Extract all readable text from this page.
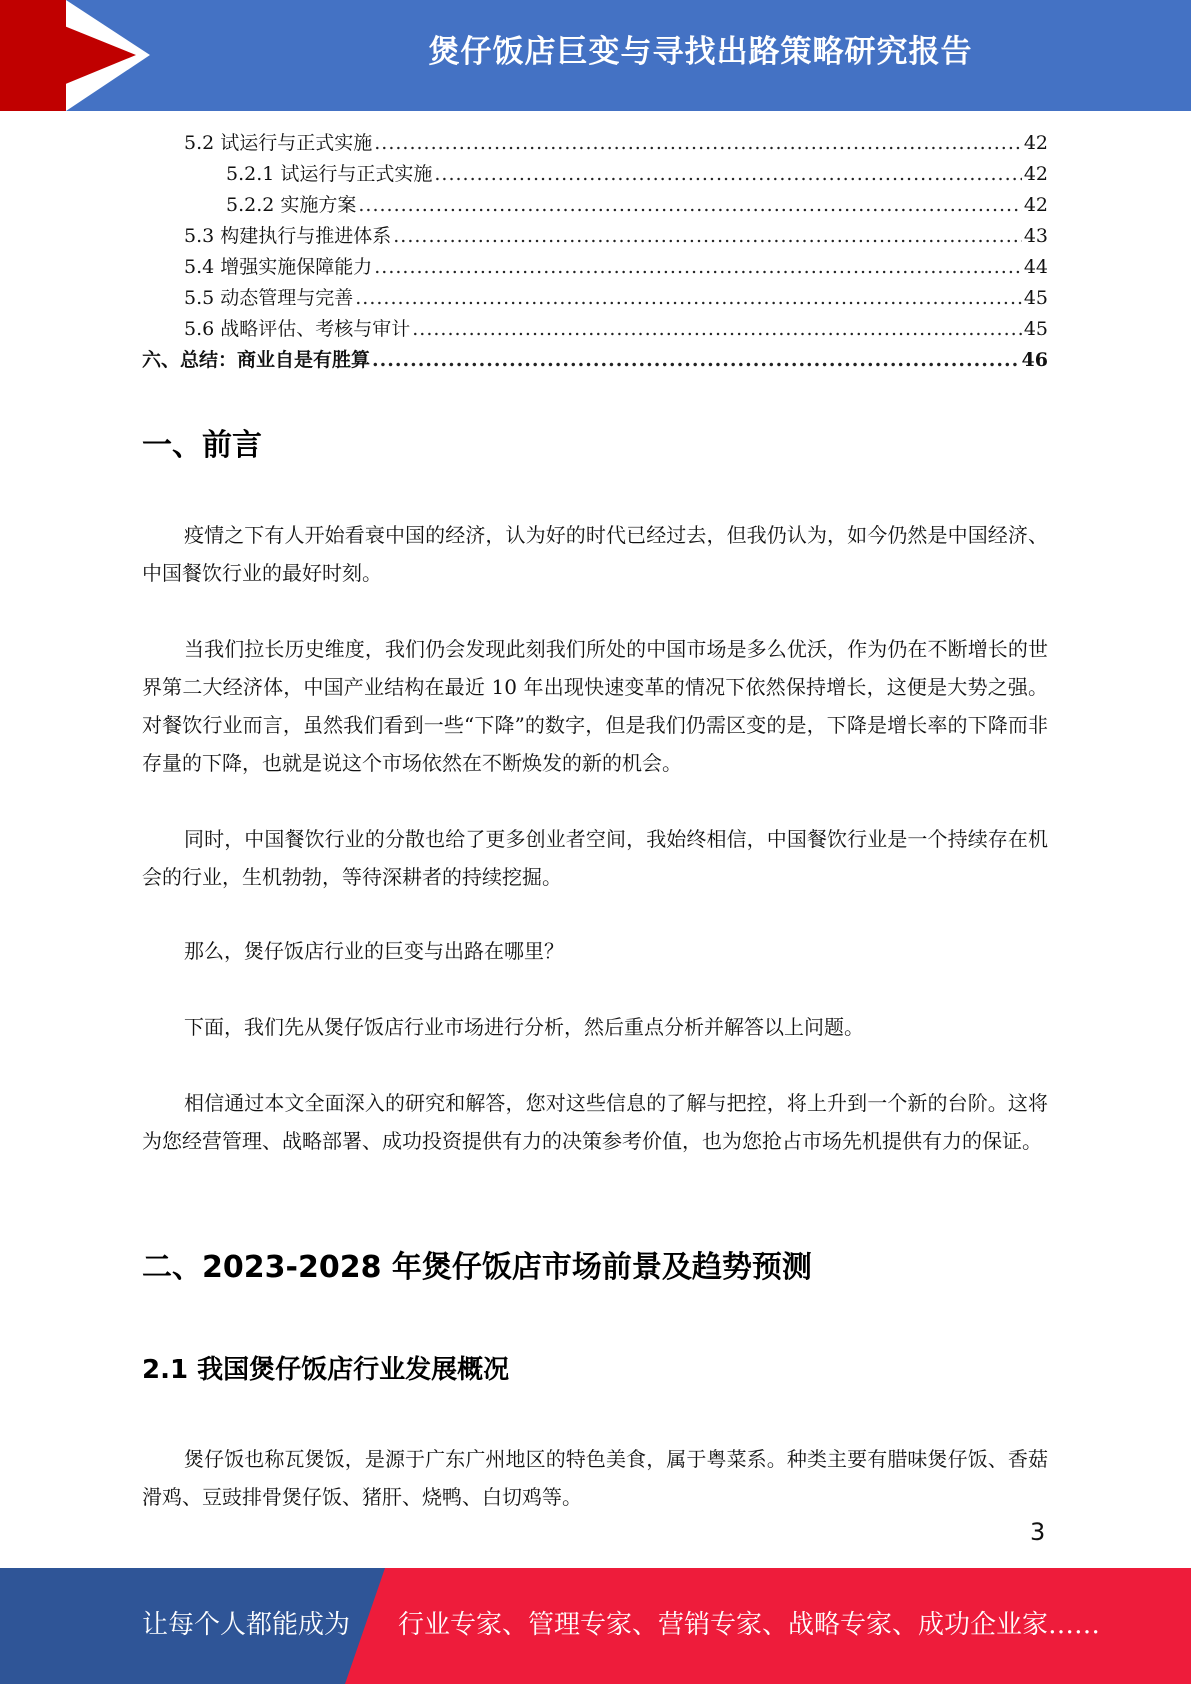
煲仔饭店巨变与寻找出路策略研究报告
5.2 试运行与正式实施 .....	42
5.2.1 试运行与正式实施 .....	42
5.2.2 实施方案 .....	42
5.3 构建执行与推进体系 .....	43
5.4 增强实施保障能力 .....	44
5.5 动态管理与完善 .....	45
5.6 战略评估、考核与审计 .....	45
六、总结：商业自是有胜算 .....	46
一、前言

疫情之下有人开始看衰中国的经济，认为好的时代已经过去，但我仍认为，如今仍然是中国经济、中国餐饮行业的最好时刻。

当我们拉长历史维度，我们仍会发现此刻我们所处的中国市场是多么优沃，作为仍在不断增长的世界第二大经济体，中国产业结构在最近 10 年出现快速变革的情况下依然保持增长，这便是大势之强。对餐饮行业而言，虽然我们看到一些“下降”的数字，但是我们仍需区变的是，下降是增长率的下降而非存量的下降，也就是说这个市场依然在不断焕发的新的机会。

同时，中国餐饮行业的分散也给了更多创业者空间，我始终相信，中国餐饮行业是一个持续存在机会的行业，生机勃勃，等待深耕者的持续挖掘。

那么，煲仔饭店行业的巨变与出路在哪里？

下面，我们先从煲仔饭店行业市场进行分析，然后重点分析并解答以上问题。

相信通过本文全面深入的研究和解答，您对这些信息的了解与把控，将上升到一个新的台阶。这将为您经营管理、战略部署、成功投资提供有力的决策参考价值，也为您抢占市场先机提供有力的保证。

二、2023-2028 年煲仔饭店市场前景及趋势预测
2.1 我国煲仔饭店行业发展概况

煲仔饭也称瓦煲饭，是源于广东广州地区的特色美食，属于粤菜系。种类主要有腊味煲仔饭、香菇滑鸡、豆豉排骨煲仔饭、猪肝、烧鸭、白切鸡等。

3
让每个人都能成为 行业专家、管理专家、营销专家、战略专家、成功企业家……
